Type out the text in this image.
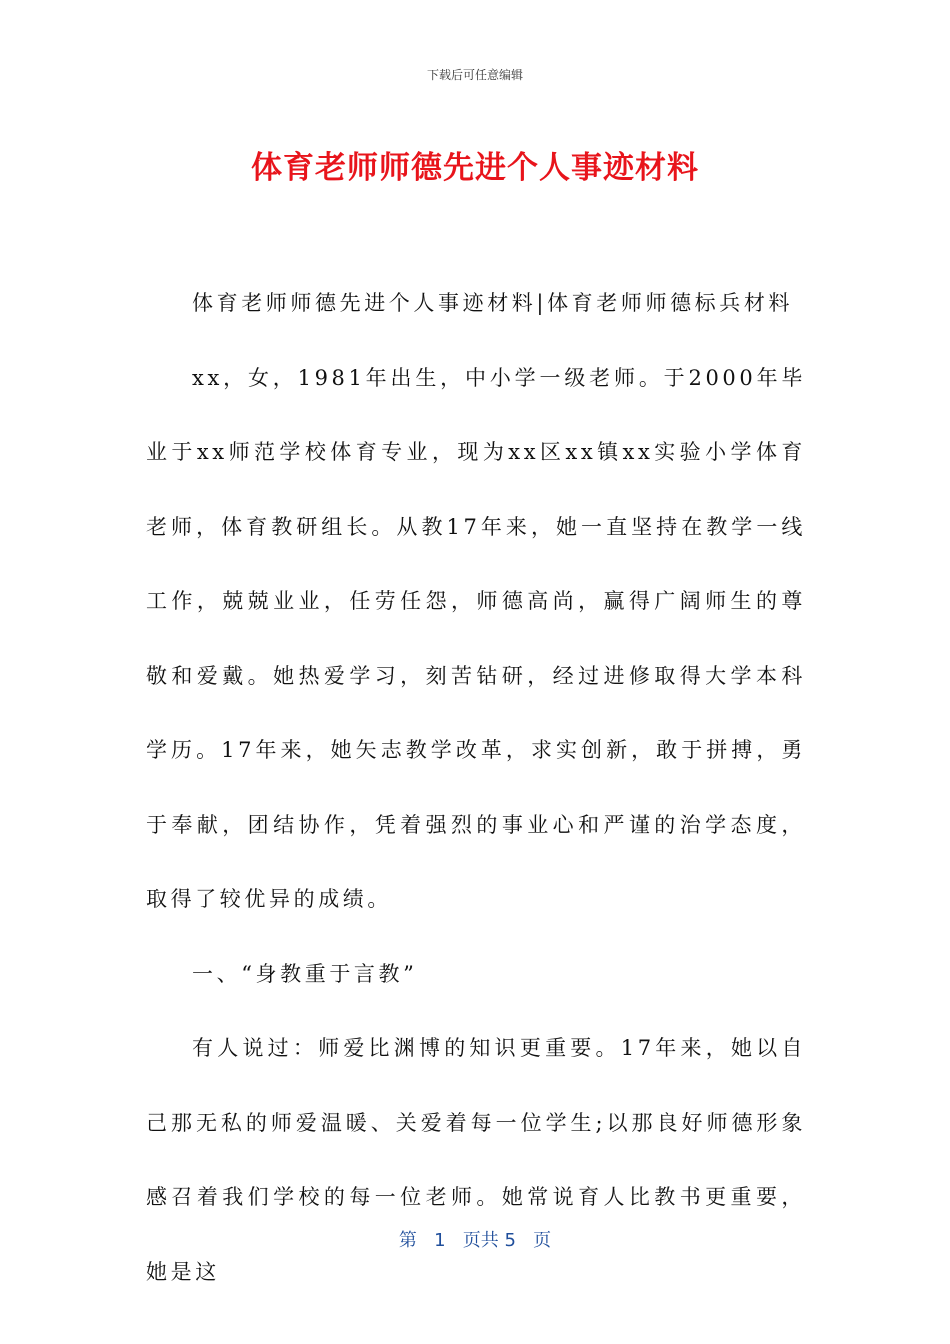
下载后可任意编辑
体育老师师德先进个人事迹材料

体育老师师德先进个人事迹材料|体育老师师德标兵材料

xx，女，1981年出生，中小学一级老师。于2000年毕业于xx师范学校体育专业，现为xx区xx镇xx实验小学体育老师，体育教研组长。从教17年来，她一直坚持在教学一线工作，兢兢业业，任劳任怨，师德高尚，赢得广阔师生的尊敬和爱戴。她热爱学习，刻苦钻研，经过进修取得大学本科学历。17年来，她矢志教学改革，求实创新，敢于拼搏，勇于奉献，团结协作，凭着强烈的事业心和严谨的治学态度，取得了较优异的成绩。

一、“身教重于言教”

有人说过：师爱比渊博的知识更重要。17年来，她以自己那无私的师爱温暖、关爱着每一位学生;以那良好师德形象感召着我们学校的每一位老师。她常说育人比教书更重要，她是这

第 1 页共 5 页
